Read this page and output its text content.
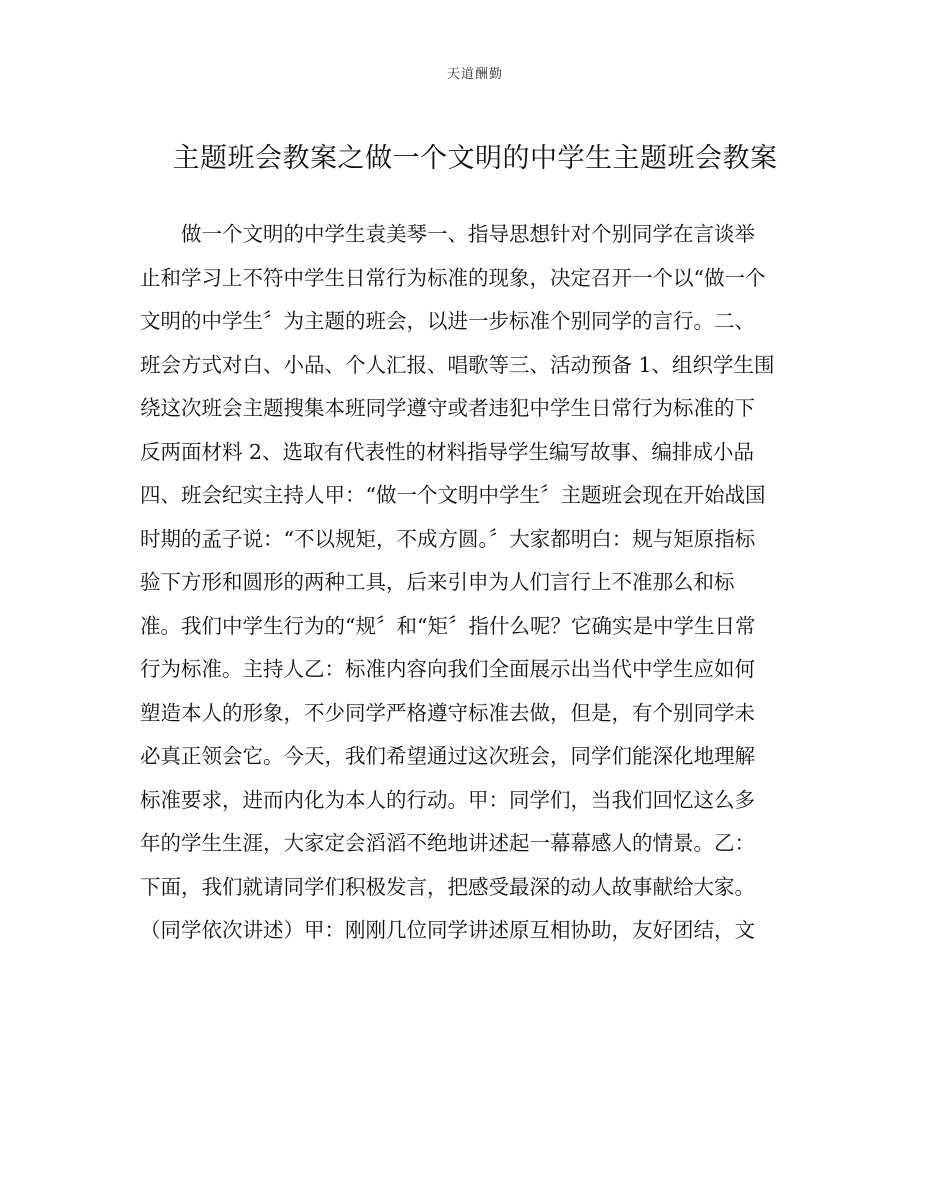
天道酬勤
主题班会教案之做一个文明的中学生主题班会教案
做一个文明的中学生袁美琴一、指导思想针对个别同学在言谈举
止和学习上不符中学生日常行为标准的现象，决定召开一个以“做一个
文明的中学生〞为主题的班会，以进一步标准个别同学的言行。二、
班会方式对白、小品、个人汇报、唱歌等三、活动预备 1、组织学生围
绕这次班会主题搜集本班同学遵守或者违犯中学生日常行为标准的下
反两面材料 2、选取有代表性的材料指导学生编写故事、编排成小品
四、班会纪实主持人甲：“做一个文明中学生〞主题班会现在开始战国
时期的孟子说：“不以规矩，不成方圆。〞大家都明白：规与矩原指标
验下方形和圆形的两种工具，后来引申为人们言行上不准那么和标
准。我们中学生行为的“规〞和“矩〞指什么呢？它确实是中学生日常
行为标准。主持人乙：标准内容向我们全面展示出当代中学生应如何
塑造本人的形象，不少同学严格遵守标准去做，但是，有个别同学未
必真正领会它。今天，我们希望通过这次班会，同学们能深化地理解
标准要求，进而内化为本人的行动。甲：同学们，当我们回忆这么多
年的学生生涯，大家定会滔滔不绝地讲述起一幕幕感人的情景。乙：
下面，我们就请同学们积极发言，把感受最深的动人故事献给大家。
（同学依次讲述）甲：刚刚几位同学讲述原互相协助，友好团结，文
